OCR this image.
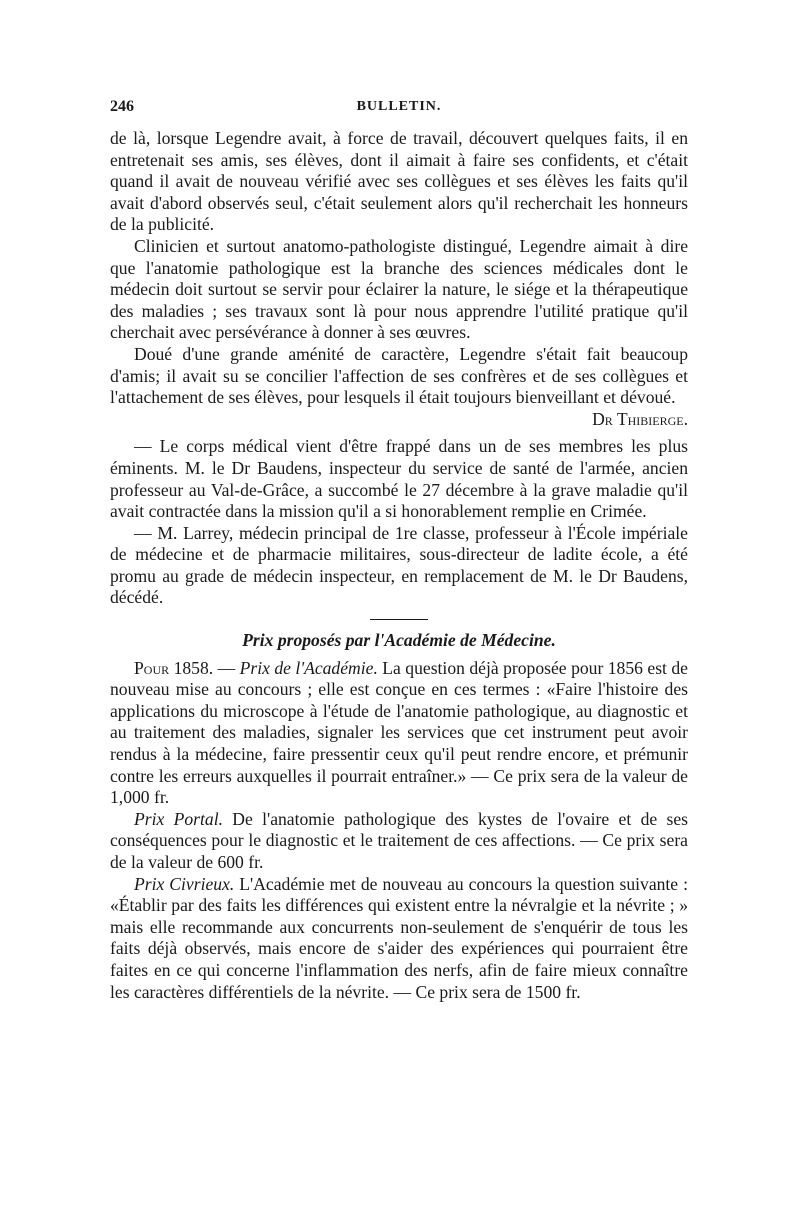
246	BULLETIN.

de là, lorsque Legendre avait, à force de travail, découvert quelques faits, il en entretenait ses amis, ses élèves, dont il aimait à faire ses confidents, et c'était quand il avait de nouveau vérifié avec ses collègues et ses élèves les faits qu'il avait d'abord observés seul, c'était seulement alors qu'il recherchait les honneurs de la publicité.

Clinicien et surtout anatomo-pathologiste distingué, Legendre aimait à dire que l'anatomie pathologique est la branche des sciences médicales dont le médecin doit surtout se servir pour éclairer la nature, le siége et la thérapeutique des maladies ; ses travaux sont là pour nous apprendre l'utilité pratique qu'il cherchait avec persévérance à donner à ses œuvres.

Doué d'une grande aménité de caractère, Legendre s'était fait beaucoup d'amis; il avait su se concilier l'affection de ses confrères et de ses collègues et l'attachement de ses élèves, pour lesquels il était toujours bienveillant et dévoué.

Dr Thibierge.

— Le corps médical vient d'être frappé dans un de ses membres les plus éminents. M. le Dr Baudens, inspecteur du service de santé de l'armée, ancien professeur au Val-de-Grâce, a succombé le 27 décembre à la grave maladie qu'il avait contractée dans la mission qu'il a si honorablement remplie en Crimée.

— M. Larrey, médecin principal de 1re classe, professeur à l'École impériale de médecine et de pharmacie militaires, sous-directeur de ladite école, a été promu au grade de médecin inspecteur, en remplacement de M. le Dr Baudens, décédé.

Prix proposés par l'Académie de Médecine.

Pour 1858. — Prix de l'Académie. La question déjà proposée pour 1856 est de nouveau mise au concours ; elle est conçue en ces termes : «Faire l'histoire des applications du microscope à l'étude de l'anatomie pathologique, au diagnostic et au traitement des maladies, signaler les services que cet instrument peut avoir rendus à la médecine, faire pressentir ceux qu'il peut rendre encore, et prémunir contre les erreurs auxquelles il pourrait entraîner.» — Ce prix sera de la valeur de 1,000 fr.

Prix Portal. De l'anatomie pathologique des kystes de l'ovaire et de ses conséquences pour le diagnostic et le traitement de ces affections. — Ce prix sera de la valeur de 600 fr.

Prix Civrieux. L'Académie met de nouveau au concours la question suivante : «Établir par des faits les différences qui existent entre la névralgie et la névrite ; » mais elle recommande aux concurrents non-seulement de s'enquérir de tous les faits déjà observés, mais encore de s'aider des expériences qui pourraient être faites en ce qui concerne l'inflammation des nerfs, afin de faire mieux connaître les caractères différentiels de la névrite. — Ce prix sera de 1500 fr.
